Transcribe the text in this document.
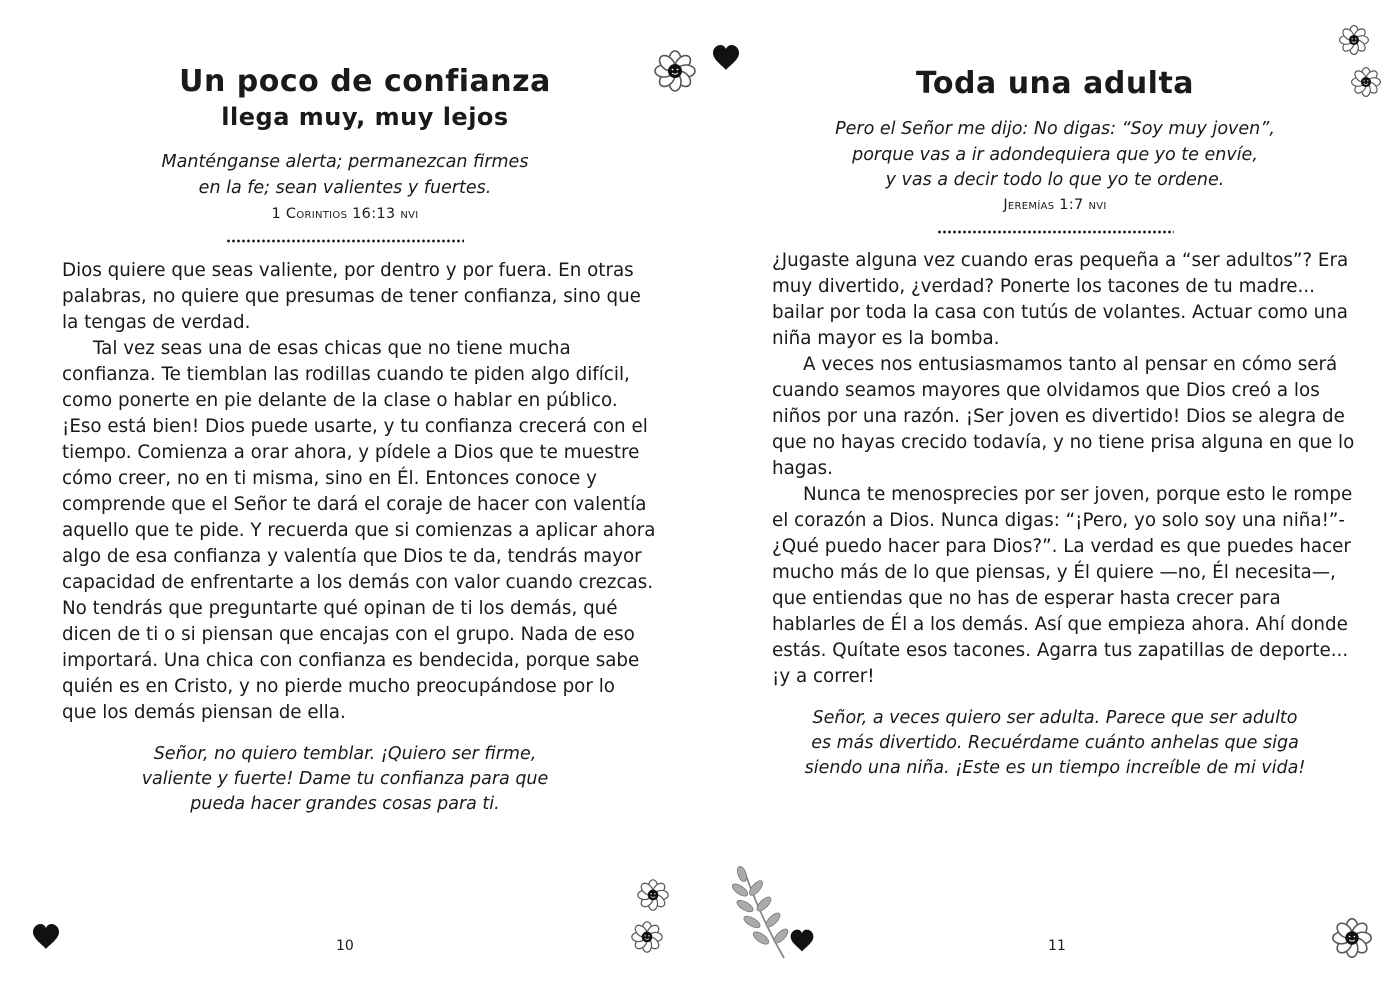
Un poco de confianza
llega muy, muy lejos
Manténganse alerta; permanezcan firmes
en la fe; sean valientes y fuertes.
1 Corintios 16:13 nvi

Dios quiere que seas valiente, por dentro y por fuera. En otras

palabras, no quiere que presumas de tener confianza, sino que

la tengas de verdad.

Tal vez seas una de esas chicas que no tiene mucha

confianza. Te tiemblan las rodillas cuando te piden algo difícil,

como ponerte en pie delante de la clase o hablar en público.

¡Eso está bien! Dios puede usarte, y tu confianza crecerá con el

tiempo. Comienza a orar ahora, y pídele a Dios que te muestre

cómo creer, no en ti misma, sino en Él. Entonces conoce y

comprende que el Señor te dará el coraje de hacer con valentía

aquello que te pide. Y recuerda que si comienzas a aplicar ahora

algo de esa confianza y valentía que Dios te da, tendrás mayor

capacidad de enfrentarte a los demás con valor cuando crezcas.

No tendrás que preguntarte qué opinan de ti los demás, qué

dicen de ti o si piensan que encajas con el grupo. Nada de eso

importará. Una chica con confianza es bendecida, porque sabe

quién es en Cristo, y no pierde mucho preocupándose por lo

que los demás piensan de ella.

Señor, no quiero temblar. ¡Quiero ser firme,
valiente y fuerte! Dame tu confianza para que
pueda hacer grandes cosas para ti.
10
Toda una adulta
Pero el Señor me dijo: No digas: “Soy muy joven”,
porque vas a ir adondequiera que yo te envíe,
y vas a decir todo lo que yo te ordene.
Jeremías 1:7 nvi

¿Jugaste alguna vez cuando eras pequeña a “ser adultos”? Era

muy divertido, ¿verdad? Ponerte los tacones de tu madre...

bailar por toda la casa con tutús de volantes. Actuar como una

niña mayor es la bomba.

A veces nos entusiasmamos tanto al pensar en cómo será

cuando seamos mayores que olvidamos que Dios creó a los

niños por una razón. ¡Ser joven es divertido! Dios se alegra de

que no hayas crecido todavía, y no tiene prisa alguna en que lo

hagas.

Nunca te menosprecies por ser joven, porque esto le rompe

el corazón a Dios. Nunca digas: “¡Pero, yo solo soy una niña!”-

¿Qué puedo hacer para Dios?”. La verdad es que puedes hacer

mucho más de lo que piensas, y Él quiere —no, Él necesita—,

que entiendas que no has de esperar hasta crecer para

hablarles de Él a los demás. Así que empieza ahora. Ahí donde

estás. Quítate esos tacones. Agarra tus zapatillas de deporte...

¡y a correr!

Señor, a veces quiero ser adulta. Parece que ser adulto
es más divertido. Recuérdame cuánto anhelas que siga
siendo una niña. ¡Este es un tiempo increíble de mi vida!
11
